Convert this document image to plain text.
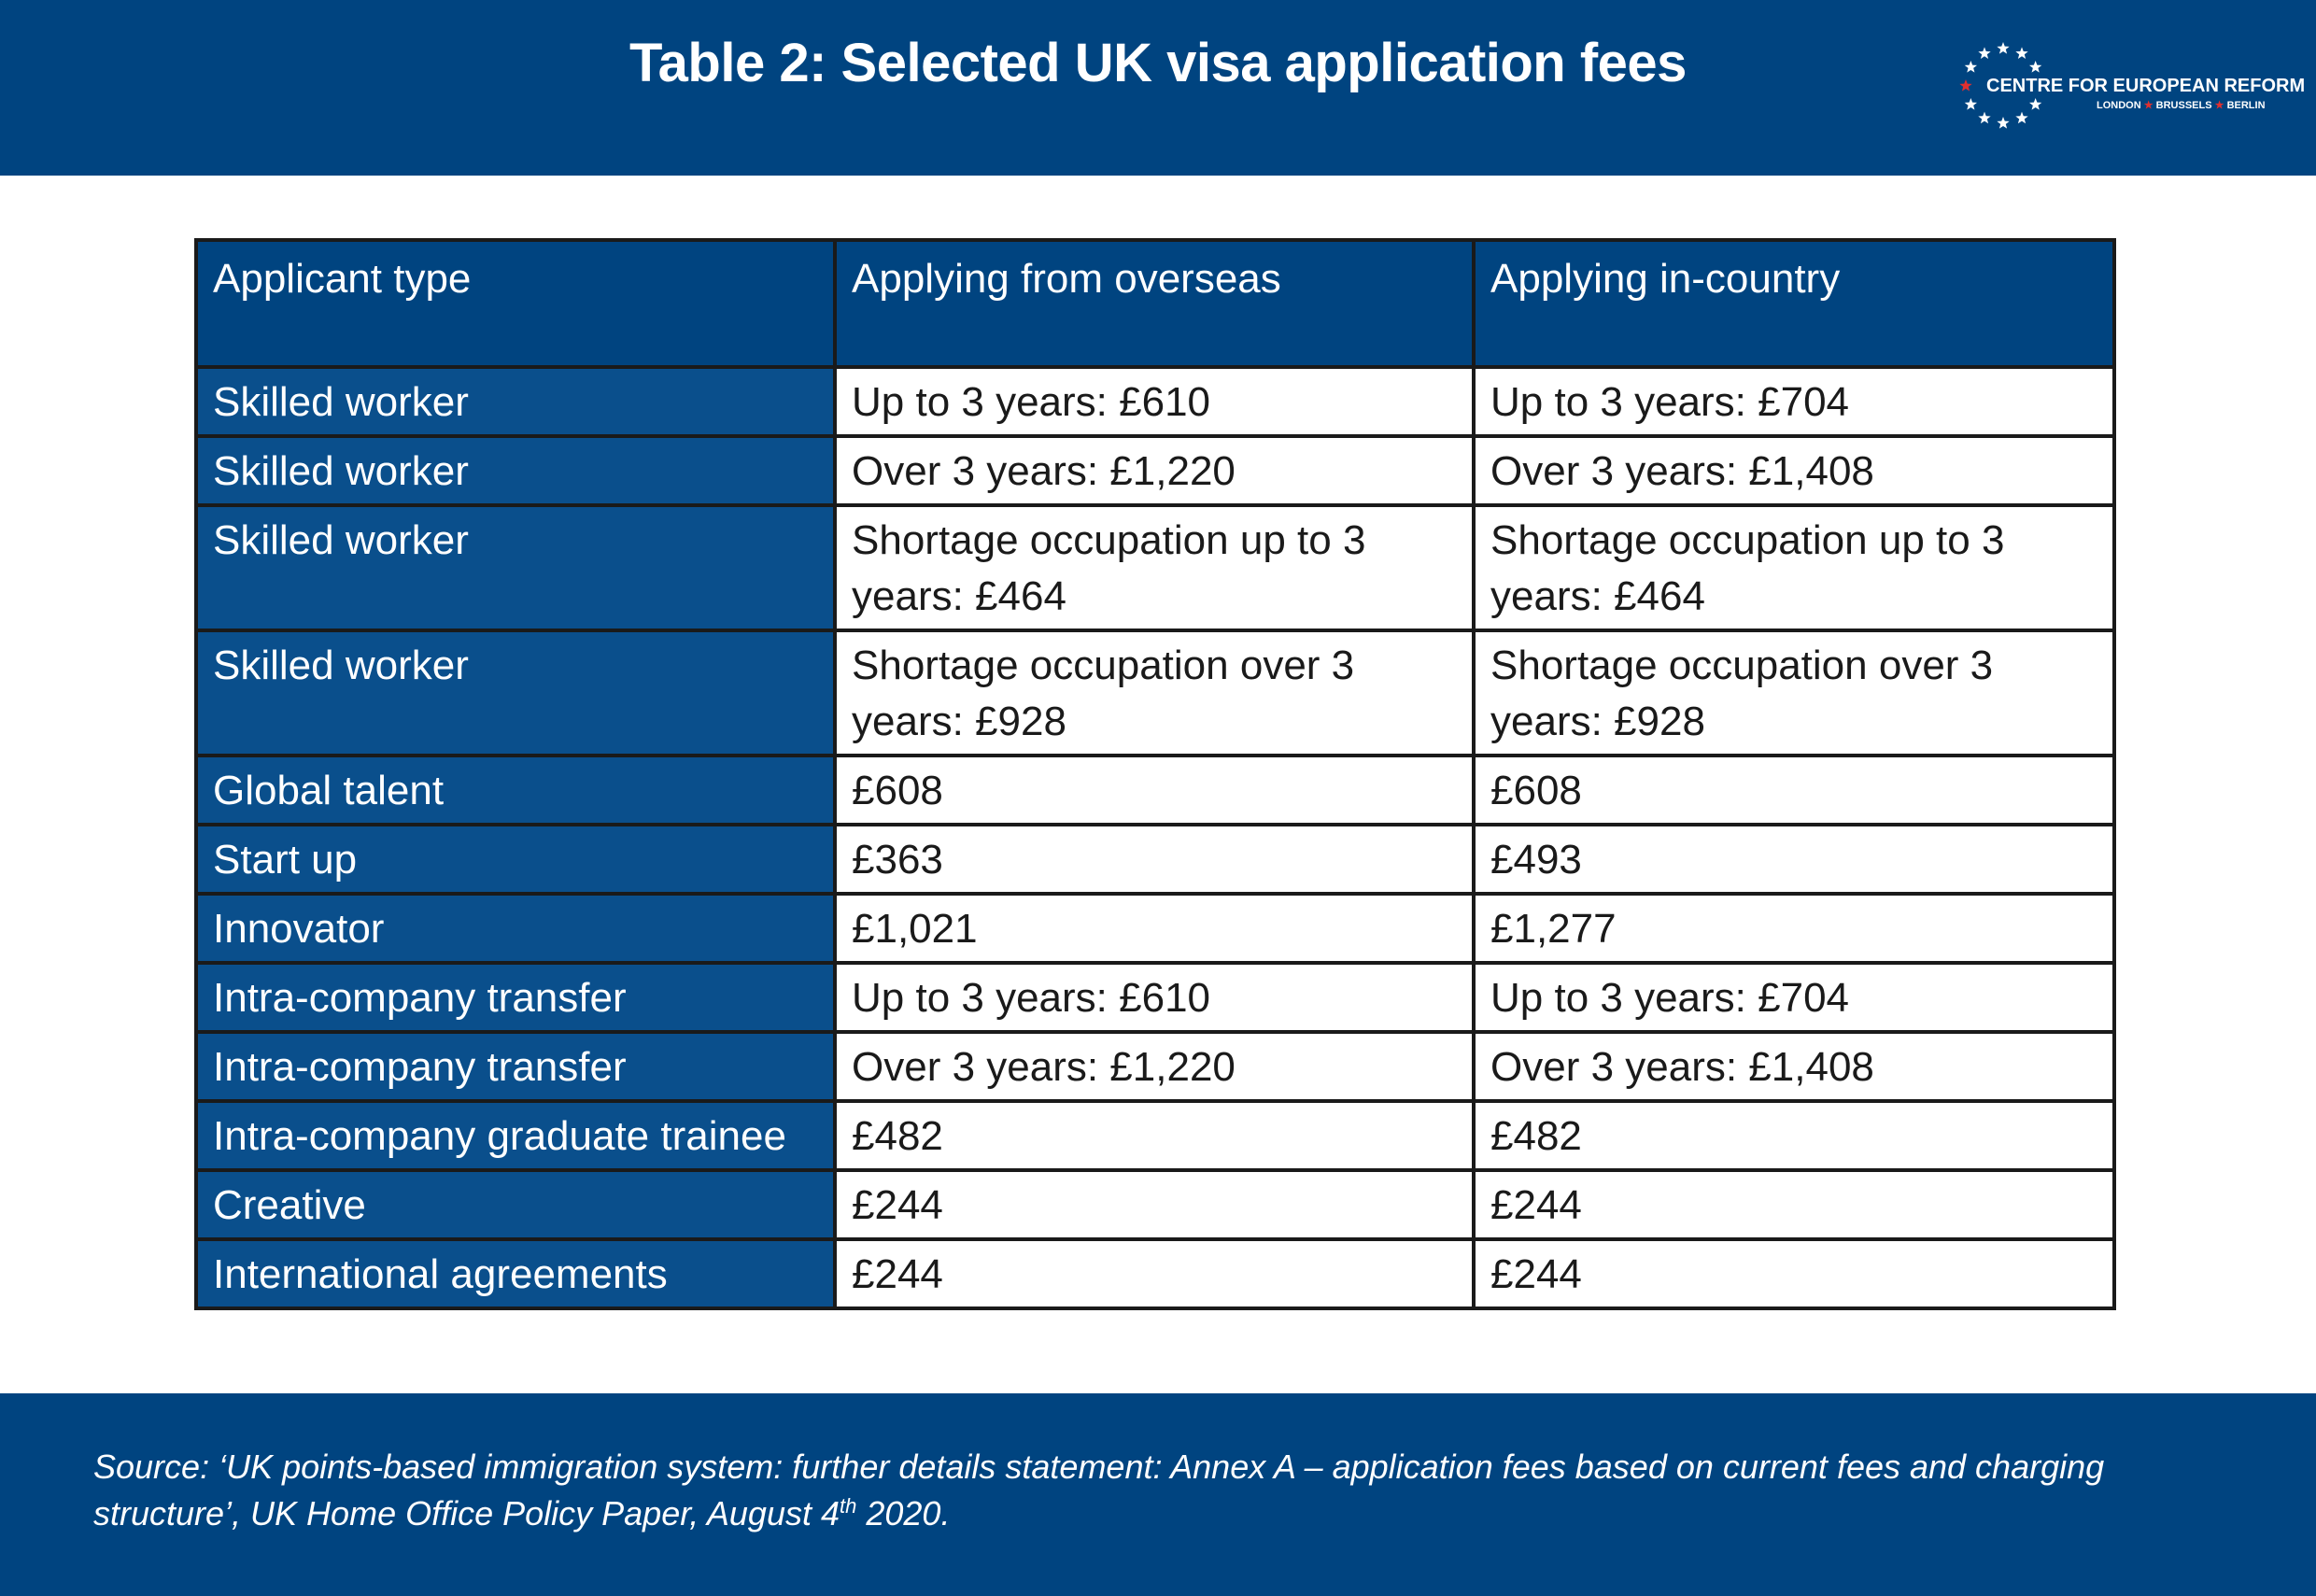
Table 2: Selected UK visa application fees	CENTRE FOR EUROPEAN REFORM
LONDON ★ BRUSSELS ★ BERLIN
Applicant type	Applying from overseas	Applying in-country
Skilled worker	Up to 3 years: £610	Up to 3 years: £704
Skilled worker	Over 3 years: £1,220	Over 3 years: £1,408
Skilled worker	Shortage occupation up to 3 years: £464	Shortage occupation up to 3 years: £464
Skilled worker	Shortage occupation over 3 years: £928	Shortage occupation over 3 years: £928
Global talent	£608	£608
Start up	£363	£493
Innovator	£1,021	£1,277
Intra-company transfer	Up to 3 years: £610	Up to 3 years: £704
Intra-company transfer	Over 3 years: £1,220	Over 3 years: £1,408
Intra-company graduate trainee	£482	£482
Creative	£244	£244
International agreements	£244	£244
Source: ‘UK points-based immigration system: further details statement: Annex A – application fees based on current fees and charging structure’, UK Home Office Policy Paper, August 4th 2020.
